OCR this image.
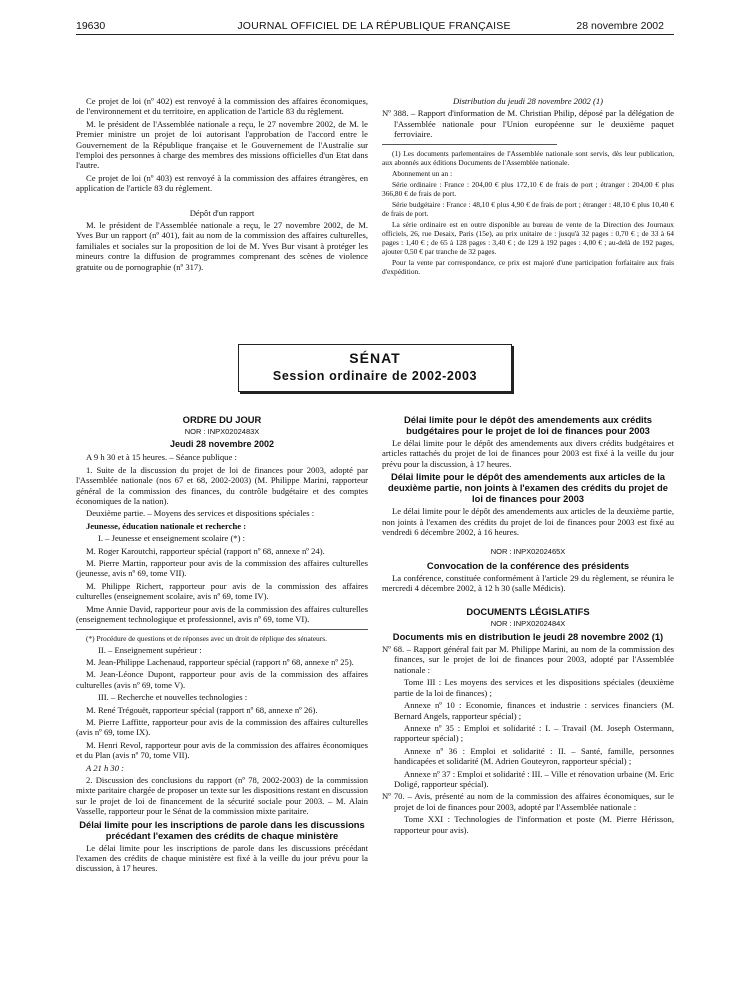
19630	JOURNAL OFFICIEL DE LA RÉPUBLIQUE FRANÇAISE	28 novembre 2002

Ce projet de loi (nº 402) est renvoyé à la commission des affaires économiques, de l'environnement et du territoire, en application de l'article 83 du règlement.

M. le président de l'Assemblée nationale a reçu, le 27 novembre 2002, de M. le Premier ministre un projet de loi autorisant l'approbation de l'accord entre le Gouvernement de la République française et le Gouvernement de l'Australie sur l'emploi des personnes à charge des membres des missions officielles d'un Etat dans l'autre.

Ce projet de loi (nº 403) est renvoyé à la commission des affaires étrangères, en application de l'article 83 du règlement.

Dépôt d'un rapport

M. le président de l'Assemblée nationale a reçu, le 27 novembre 2002, de M. Yves Bur un rapport (nº 401), fait au nom de la commission des affaires culturelles, familiales et sociales sur la proposition de loi de M. Yves Bur visant à protéger les mineurs contre la diffusion de programmes comprenant des scènes de violence gratuite ou de pornographie (nº 317).

Distribution du jeudi 28 novembre 2002 (1)

Nº 388. – Rapport d'information de M. Christian Philip, déposé par la délégation de l'Assemblée nationale pour l'Union européenne sur le deuxième paquet ferroviaire.

(1) Les documents parlementaires de l'Assemblée nationale sont servis, dès leur publication, aux abonnés aux éditions Documents de l'Assemblée nationale.

Abonnement un an :

Série ordinaire : France : 204,00 € plus 172,10 € de frais de port ; étranger : 204,00 € plus 366,80 € de frais de port.

Série budgétaire : France : 48,10 € plus 4,90 € de frais de port ; étranger : 48,10 € plus 10,40 € de frais de port.

La série ordinaire est en outre disponible au bureau de vente de la Direction des Journaux officiels, 26, rue Desaix, Paris (15e), au prix unitaire de : jusqu'à 32 pages : 0,70 € ; de 33 à 64 pages : 1,40 € ; de 65 à 128 pages : 3,40 € ; de 129 à 192 pages : 4,00 € ; au-delà de 192 pages, ajouter 0,50 € par tranche de 32 pages.

Pour la vente par correspondance, ce prix est majoré d'une participation forfaitaire aux frais d'expédition.

SÉNAT
Session ordinaire de 2002-2003

ORDRE DU JOUR

NOR : INPX0202483X

Jeudi 28 novembre 2002

A 9 h 30 et à 15 heures. – Séance publique :

1. Suite de la discussion du projet de loi de finances pour 2003, adopté par l'Assemblée nationale (nos 67 et 68, 2002-2003) (M. Philippe Marini, rapporteur général de la commission des finances, du contrôle budgétaire et des comptes économiques de la nation).

Deuxième partie. – Moyens des services et dispositions spéciales :

Jeunesse, éducation nationale et recherche :

I. – Jeunesse et enseignement scolaire (*) :

M. Roger Karoutchi, rapporteur spécial (rapport nº 68, annexe nº 24).

M. Pierre Martin, rapporteur pour avis de la commission des affaires culturelles (jeunesse, avis nº 69, tome VII).

M. Philippe Richert, rapporteur pour avis de la commission des affaires culturelles (enseignement scolaire, avis nº 69, tome IV).

Mme Annie David, rapporteur pour avis de la commission des affaires culturelles (enseignement technologique et professionnel, avis nº 69, tome VI).

(*) Procédure de questions et de réponses avec un droit de réplique des sénateurs.

II. – Enseignement supérieur :

M. Jean-Philippe Lachenaud, rapporteur spécial (rapport nº 68, annexe nº 25).

M. Jean-Léonce Dupont, rapporteur pour avis de la commission des affaires culturelles (avis nº 69, tome V).

III. – Recherche et nouvelles technologies :

M. René Trégouët, rapporteur spécial (rapport nº 68, annexe nº 26).

M. Pierre Laffitte, rapporteur pour avis de la commission des affaires culturelles (avis nº 69, tome IX).

M. Henri Revol, rapporteur pour avis de la commission des affaires économiques et du Plan (avis nº 70, tome VII).

A 21 h 30 :

2. Discussion des conclusions du rapport (nº 78, 2002-2003) de la commission mixte paritaire chargée de proposer un texte sur les dispositions restant en discussion sur le projet de loi de financement de la sécurité sociale pour 2003. – M. Alain Vasselle, rapporteur pour le Sénat de la commission mixte paritaire.

Délai limite pour les inscriptions de parole dans les discussions précédant l'examen des crédits de chaque ministère

Le délai limite pour les inscriptions de parole dans les discussions précédant l'examen des crédits de chaque ministère est fixé à la veille du jour prévu pour la discussion, à 17 heures.

Délai limite pour le dépôt des amendements aux crédits budgétaires pour le projet de loi de finances pour 2003

Le délai limite pour le dépôt des amendements aux divers crédits budgétaires et articles rattachés du projet de loi de finances pour 2003 est fixé à la veille du jour prévu pour la discussion, à 17 heures.

Délai limite pour le dépôt des amendements aux articles de la deuxième partie, non joints à l'examen des crédits du projet de loi de finances pour 2003

Le délai limite pour le dépôt des amendements aux articles de la deuxième partie, non joints à l'examen des crédits du projet de loi de finances pour 2003 est fixé au vendredi 6 décembre 2002, à 16 heures.

NOR : INPX0202465X

Convocation de la conférence des présidents

La conférence, constituée conformément à l'article 29 du règlement, se réunira le mercredi 4 décembre 2002, à 12 h 30 (salle Médicis).

DOCUMENTS LÉGISLATIFS

NOR : INPX0202484X

Documents mis en distribution le jeudi 28 novembre 2002 (1)

Nº 68. – Rapport général fait par M. Philippe Marini, au nom de la commission des finances, sur le projet de loi de finances pour 2003, adopté par l'Assemblée nationale :

Tome III : Les moyens des services et les dispositions spéciales (deuxième partie de la loi de finances) ;

Annexe nº 10 : Economie, finances et industrie : services financiers (M. Bernard Angels, rapporteur spécial) ;

Annexe nº 35 : Emploi et solidarité : I. – Travail (M. Joseph Ostermann, rapporteur spécial) ;

Annexe nº 36 : Emploi et solidarité : II. – Santé, famille, personnes handicapées et solidarité (M. Adrien Gouteyron, rapporteur spécial) ;

Annexe nº 37 : Emploi et solidarité : III. – Ville et rénovation urbaine (M. Eric Doligé, rapporteur spécial).

Nº 70. – Avis, présenté au nom de la commission des affaires économiques, sur le projet de loi de finances pour 2003, adopté par l'Assemblée nationale :

Tome XXI : Technologies de l'information et poste (M. Pierre Hérisson, rapporteur pour avis).
